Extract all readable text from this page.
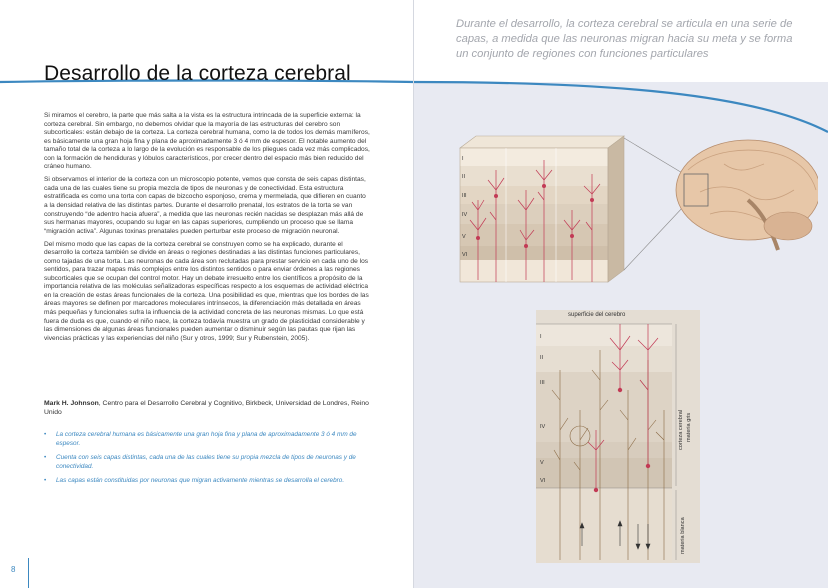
Desarrollo de la corteza cerebral

Si miramos el cerebro, la parte que más salta a la vista es la estructura intrincada de la superficie externa: la corteza cerebral. Sin embargo, no debemos olvidar que la mayoría de las estructuras del cerebro son subcorticales: están debajo de la corteza. La corteza cerebral humana, como la de todos los demás mamíferos, es básicamente una gran hoja fina y plana de aproximadamente 3 ó 4 mm de espesor. El notable aumento del tamaño total de la corteza a lo largo de la evolución es responsable de los pliegues cada vez más complicados, con la formación de hendiduras y lóbulos característicos, por crecer dentro del espacio más bien reducido del cráneo humano.

Si observamos el interior de la corteza con un microscopio potente, vemos que consta de seis capas distintas, cada una de las cuales tiene su propia mezcla de tipos de neuronas y de conectividad. Esta estructura estratificada es como una torta con capas de bizcocho esponjoso, crema y mermelada, que difieren en cuanto a la densidad relativa de las distintas partes. Durante el desarrollo prenatal, los estratos de la torta se van construyendo “de adentro hacia afuera”, a medida que las neuronas recién nacidas se desplazan más allá de sus hermanas mayores, ocupando su lugar en las capas superiores, cumpliendo un proceso que se llama “migración activa”. Algunas toxinas prenatales pueden perturbar este proceso de migración neuronal.

Del mismo modo que las capas de la corteza cerebral se construyen como se ha explicado, durante el desarrollo la corteza también se divide en áreas o regiones destinadas a las distintas funciones particulares, como tajadas de una torta. Las neuronas de cada área son reclutadas para prestar servicio en cada uno de los sentidos, para trazar mapas más complejos entre los distintos sentidos o para enviar órdenes a las regiones subcorticales que se ocupan del control motor. Hay un debate irresuelto entre los científicos a propósito de la importancia relativa de las moléculas señalizadoras específicas respecto a los esquemas de actividad eléctrica en la creación de estas áreas funcionales de la corteza. Una posibilidad es que, mientras que los bordes de las áreas mayores se definen por marcadores moleculares intrínsecos, la diferenciación más detallada en áreas más pequeñas y funcionales sufra la influencia de la actividad concreta de las neuronas mismas. Lo que está fuera de duda es que, cuando el niño nace, la corteza todavía muestra un grado de plasticidad considerable y las dimensiones de algunas áreas funcionales pueden aumentar o disminuir según las pautas que rijan las vivencias prácticas y las experiencias del niño (Sur y otros, 1999; Sur y Rubenstein, 2005).

Mark H. Johnson, Centro para el Desarrollo Cerebral y Cognitivo, Birkbeck, Universidad de Londres, Reino Unido
• La corteza cerebral humana es básicamente una gran hoja fina y plana de aproximadamente 3 ó 4 mm de espesor.
• Cuenta con seis capas distintas, cada una de las cuales tiene su propia mezcla de tipos de neuronas y de conectividad.
• Las capas están constituidas por neuronas que migran activamente mientras se desarrolla el cerebro.
8
Durante el desarrollo, la corteza cerebral se articula en una serie de capas, a medida que las neuronas migran hacia su meta y se forma un conjunto de regiones con funciones particulares
I
II
III
IV
V
VI
superficie del cerebro
I
II
III
IV
V
VI
corteza cerebral materia gris
materia blanca
